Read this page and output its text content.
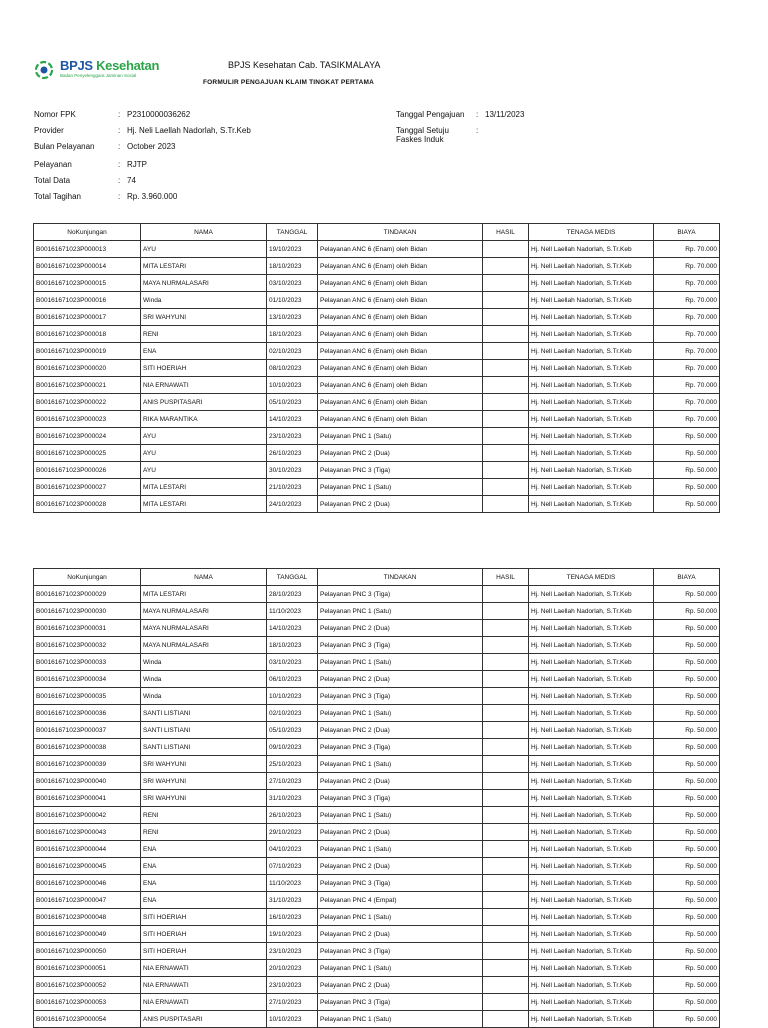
BPJS Kesehatan
Badan Penyelenggara Jaminan Sosial
BPJS Kesehatan Cab. TASIKMALAYA
FORMULIR PENGAJUAN KLAIM TINGKAT PERTAMA
Nomor FPK	: P2310000036262
Provider	: Hj. Neli Laellah Nadorlah, S.Tr.Keb
Bulan Pelayanan	: October 2023
Pelayanan	: RJTP
Total Data	: 74
Total Tagihan	: Rp. 3.960.000
Tanggal Pengajuan : 13/11/2023
Tanggal Setuju
Faskes Induk
:
NoKunjungan	NAMA	TANGGAL	TINDAKAN	HASIL	TENAGA MEDIS	BIAYA
B00161671023P000013	AYU	19/10/2023	Pelayanan ANC 6 (Enam) oleh Bidan		Hj. Nell Laellah Nadorlah, S.Tr.Keb	Rp. 70.000
B00161671023P000014	MITA LESTARI	18/10/2023	Pelayanan ANC 6 (Enam) oleh Bidan		Hj. Nell Laellah Nadorlah, S.Tr.Keb	Rp. 70.000
B00161671023P000015	MAYA NURMALASARI	03/10/2023	Pelayanan ANC 6 (Enam) oleh Bidan		Hj. Nell Laellah Nadorlah, S.Tr.Keb	Rp. 70.000
B00161671023P000016	Winda	01/10/2023	Pelayanan ANC 6 (Enam) oleh Bidan		Hj. Nell Laellah Nadorlah, S.Tr.Keb	Rp. 70.000
B00161671023P000017	SRI WAHYUNI	13/10/2023	Pelayanan ANC 6 (Enam) oleh Bidan		Hj. Nell Laellah Nadorlah, S.Tr.Keb	Rp. 70.000
B00161671023P000018	RENI	18/10/2023	Pelayanan ANC 6 (Enam) oleh Bidan		Hj. Nell Laellah Nadorlah, S.Tr.Keb	Rp. 70.000
B00161671023P000019	ENA	02/10/2023	Pelayanan ANC 6 (Enam) oleh Bidan		Hj. Nell Laellah Nadorlah, S.Tr.Keb	Rp. 70.000
B00161671023P000020	SITI HOERIAH	08/10/2023	Pelayanan ANC 6 (Enam) oleh Bidan		Hj. Nell Laellah Nadorlah, S.Tr.Keb	Rp. 70.000
B00161671023P000021	NIA ERNAWATI	10/10/2023	Pelayanan ANC 6 (Enam) oleh Bidan		Hj. Nell Laellah Nadorlah, S.Tr.Keb	Rp. 70.000
B00161671023P000022	ANIS PUSPITASARI	05/10/2023	Pelayanan ANC 6 (Enam) oleh Bidan		Hj. Nell Laellah Nadorlah, S.Tr.Keb	Rp. 70.000
B00161671023P000023	RIKA MARANTIKA	14/10/2023	Pelayanan ANC 6 (Enam) oleh Bidan		Hj. Nell Laellah Nadorlah, S.Tr.Keb	Rp. 70.000
B00161671023P000024	AYU	23/10/2023	Pelayanan PNC 1 (Satu)		Hj. Nell Laellah Nadorlah, S.Tr.Keb	Rp. 50.000
B00161671023P000025	AYU	26/10/2023	Pelayanan PNC 2 (Dua)		Hj. Nell Laellah Nadorlah, S.Tr.Keb	Rp. 50.000
B00161671023P000026	AYU	30/10/2023	Pelayanan PNC 3 (Tiga)		Hj. Nell Laellah Nadorlah, S.Tr.Keb	Rp. 50.000
B00161671023P000027	MITA LESTARI	21/10/2023	Pelayanan PNC 1 (Satu)		Hj. Nell Laellah Nadorlah, S.Tr.Keb	Rp. 50.000
B00161671023P000028	MITA LESTARI	24/10/2023	Pelayanan PNC 2 (Dua)		Hj. Nell Laellah Nadorlah, S.Tr.Keb	Rp. 50.000
NoKunjungan	NAMA	TANGGAL	TINDAKAN	HASIL	TENAGA MEDIS	BIAYA
B00161671023P000029	MITA LESTARI	28/10/2023	Pelayanan PNC 3 (Tiga)		Hj. Nell Laellah Nadorlah, S.Tr.Keb	Rp. 50.000
B00161671023P000030	MAYA NURMALASARI	11/10/2023	Pelayanan PNC 1 (Satu)		Hj. Nell Laellah Nadorlah, S.Tr.Keb	Rp. 50.000
B00161671023P000031	MAYA NURMALASARI	14/10/2023	Pelayanan PNC 2 (Dua)		Hj. Nell Laellah Nadorlah, S.Tr.Keb	Rp. 50.000
B00161671023P000032	MAYA NURMALASARI	18/10/2023	Pelayanan PNC 3 (Tiga)		Hj. Nell Laellah Nadorlah, S.Tr.Keb	Rp. 50.000
B00161671023P000033	Winda	03/10/2023	Pelayanan PNC 1 (Satu)		Hj. Nell Laellah Nadorlah, S.Tr.Keb	Rp. 50.000
B00161671023P000034	Winda	06/10/2023	Pelayanan PNC 2 (Dua)		Hj. Nell Laellah Nadorlah, S.Tr.Keb	Rp. 50.000
B00161671023P000035	Winda	10/10/2023	Pelayanan PNC 3 (Tiga)		Hj. Nell Laellah Nadorlah, S.Tr.Keb	Rp. 50.000
B00161671023P000036	SANTI LISTIANI	02/10/2023	Pelayanan PNC 1 (Satu)		Hj. Nell Laellah Nadorlah, S.Tr.Keb	Rp. 50.000
B00161671023P000037	SANTI LISTIANI	05/10/2023	Pelayanan PNC 2 (Dua)		Hj. Nell Laellah Nadorlah, S.Tr.Keb	Rp. 50.000
B00161671023P000038	SANTI LISTIANI	09/10/2023	Pelayanan PNC 3 (Tiga)		Hj. Nell Laellah Nadorlah, S.Tr.Keb	Rp. 50.000
B00161671023P000039	SRI WAHYUNI	25/10/2023	Pelayanan PNC 1 (Satu)		Hj. Nell Laellah Nadorlah, S.Tr.Keb	Rp. 50.000
B00161671023P000040	SRI WAHYUNI	27/10/2023	Pelayanan PNC 2 (Dua)		Hj. Nell Laellah Nadorlah, S.Tr.Keb	Rp. 50.000
B00161671023P000041	SRI WAHYUNI	31/10/2023	Pelayanan PNC 3 (Tiga)		Hj. Nell Laellah Nadorlah, S.Tr.Keb	Rp. 50.000
B00161671023P000042	RENI	26/10/2023	Pelayanan PNC 1 (Satu)		Hj. Nell Laellah Nadorlah, S.Tr.Keb	Rp. 50.000
B00161671023P000043	RENI	29/10/2023	Pelayanan PNC 2 (Dua)		Hj. Nell Laellah Nadorlah, S.Tr.Keb	Rp. 50.000
B00161671023P000044	ENA	04/10/2023	Pelayanan PNC 1 (Satu)		Hj. Nell Laellah Nadorlah, S.Tr.Keb	Rp. 50.000
B00161671023P000045	ENA	07/10/2023	Pelayanan PNC 2 (Dua)		Hj. Nell Laellah Nadorlah, S.Tr.Keb	Rp. 50.000
B00161671023P000046	ENA	11/10/2023	Pelayanan PNC 3 (Tiga)		Hj. Nell Laellah Nadorlah, S.Tr.Keb	Rp. 50.000
B00161671023P000047	ENA	31/10/2023	Pelayanan PNC 4 (Empat)		Hj. Nell Laellah Nadorlah, S.Tr.Keb	Rp. 50.000
B00161671023P000048	SITI HOERIAH	16/10/2023	Pelayanan PNC 1 (Satu)		Hj. Nell Laellah Nadorlah, S.Tr.Keb	Rp. 50.000
B00161671023P000049	SITI HOERIAH	19/10/2023	Pelayanan PNC 2 (Dua)		Hj. Nell Laellah Nadorlah, S.Tr.Keb	Rp. 50.000
B00161671023P000050	SITI HOERIAH	23/10/2023	Pelayanan PNC 3 (Tiga)		Hj. Nell Laellah Nadorlah, S.Tr.Keb	Rp. 50.000
B00161671023P000051	NIA ERNAWATI	20/10/2023	Pelayanan PNC 1 (Satu)		Hj. Nell Laellah Nadorlah, S.Tr.Keb	Rp. 50.000
B00161671023P000052	NIA ERNAWATI	23/10/2023	Pelayanan PNC 2 (Dua)		Hj. Nell Laellah Nadorlah, S.Tr.Keb	Rp. 50.000
B00161671023P000053	NIA ERNAWATI	27/10/2023	Pelayanan PNC 3 (Tiga)		Hj. Nell Laellah Nadorlah, S.Tr.Keb	Rp. 50.000
B00161671023P000054	ANIS PUSPITASARI	10/10/2023	Pelayanan PNC 1 (Satu)		Hj. Nell Laellah Nadorlah, S.Tr.Keb	Rp. 50.000
